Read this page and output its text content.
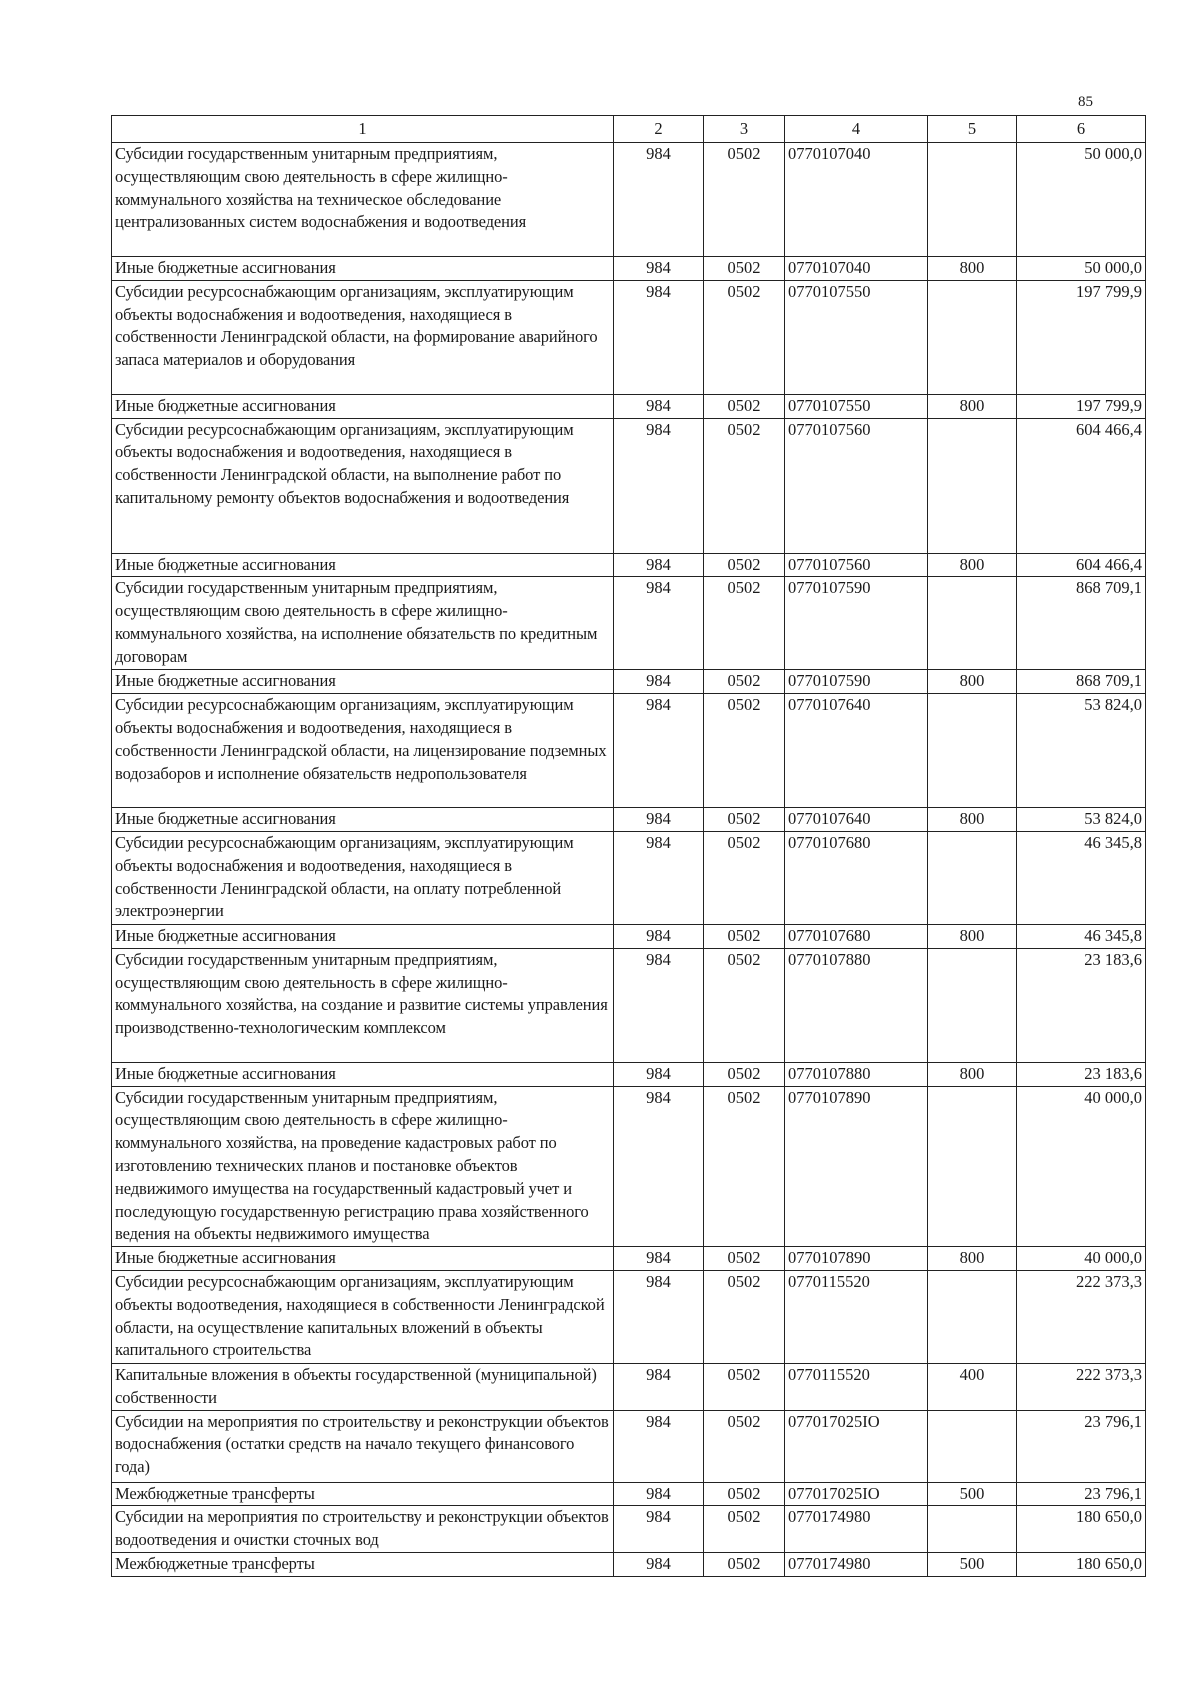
85
1	2	3	4	5	6
Субсидии государственным унитарным предприятиям, осуществляющим свою деятельность в сфере жилищно-коммунального хозяйства на техническое обследование централизованных систем водоснабжения и водоотведения	984	0502	0770107040		50 000,0
Иные бюджетные ассигнования	984	0502	0770107040	800	50 000,0
Субсидии ресурсоснабжающим организациям, эксплуатирующим объекты водоснабжения и водоотведения, находящиеся в собственности Ленинградской области, на формирование аварийного запаса материалов и оборудования	984	0502	0770107550		197 799,9
Иные бюджетные ассигнования	984	0502	0770107550	800	197 799,9
Субсидии ресурсоснабжающим организациям, эксплуатирующим объекты водоснабжения и водоотведения, находящиеся в собственности Ленинградской области, на выполнение работ по капитальному ремонту объектов водоснабжения и водоотведения	984	0502	0770107560		604 466,4
Иные бюджетные ассигнования	984	0502	0770107560	800	604 466,4
Субсидии государственным унитарным предприятиям, осуществляющим свою деятельность в сфере жилищно-коммунального хозяйства, на исполнение обязательств по кредитным договорам	984	0502	0770107590		868 709,1
Иные бюджетные ассигнования	984	0502	0770107590	800	868 709,1
Субсидии ресурсоснабжающим организациям, эксплуатирующим объекты водоснабжения и водоотведения, находящиеся в собственности Ленинградской области, на лицензирование подземных водозаборов и исполнение обязательств недропользователя	984	0502	0770107640		53 824,0
Иные бюджетные ассигнования	984	0502	0770107640	800	53 824,0
Субсидии ресурсоснабжающим организациям, эксплуатирующим объекты водоснабжения и водоотведения, находящиеся в собственности Ленинградской области, на оплату потребленной электроэнергии	984	0502	0770107680		46 345,8
Иные бюджетные ассигнования	984	0502	0770107680	800	46 345,8
Субсидии государственным унитарным предприятиям, осуществляющим свою деятельность в сфере жилищно-коммунального хозяйства, на создание и развитие системы управления производственно-технологическим комплексом	984	0502	0770107880		23 183,6
Иные бюджетные ассигнования	984	0502	0770107880	800	23 183,6
Субсидии государственным унитарным предприятиям, осуществляющим свою деятельность в сфере жилищно-коммунального хозяйства, на проведение кадастровых работ по изготовлению технических планов и постановке объектов недвижимого имущества на государственный кадастровый учет и последующую государственную регистрацию права хозяйственного ведения на объекты недвижимого имущества	984	0502	0770107890		40 000,0
Иные бюджетные ассигнования	984	0502	0770107890	800	40 000,0
Субсидии ресурсоснабжающим организациям, эксплуатирующим объекты водоотведения, находящиеся в собственности Ленинградской области, на осуществление капитальных вложений в объекты капитального строительства	984	0502	0770115520		222 373,3
Капитальные вложения в объекты государственной (муниципальной) собственности	984	0502	0770115520	400	222 373,3
Субсидии на мероприятия по строительству и реконструкции объектов водоснабжения (остатки средств на начало текущего финансового года)	984	0502	077017025IO		23 796,1
Межбюджетные трансферты	984	0502	077017025IO	500	23 796,1
Субсидии на мероприятия по строительству и реконструкции объектов водоотведения и очистки сточных вод	984	0502	0770174980		180 650,0
Межбюджетные трансферты	984	0502	0770174980	500	180 650,0
